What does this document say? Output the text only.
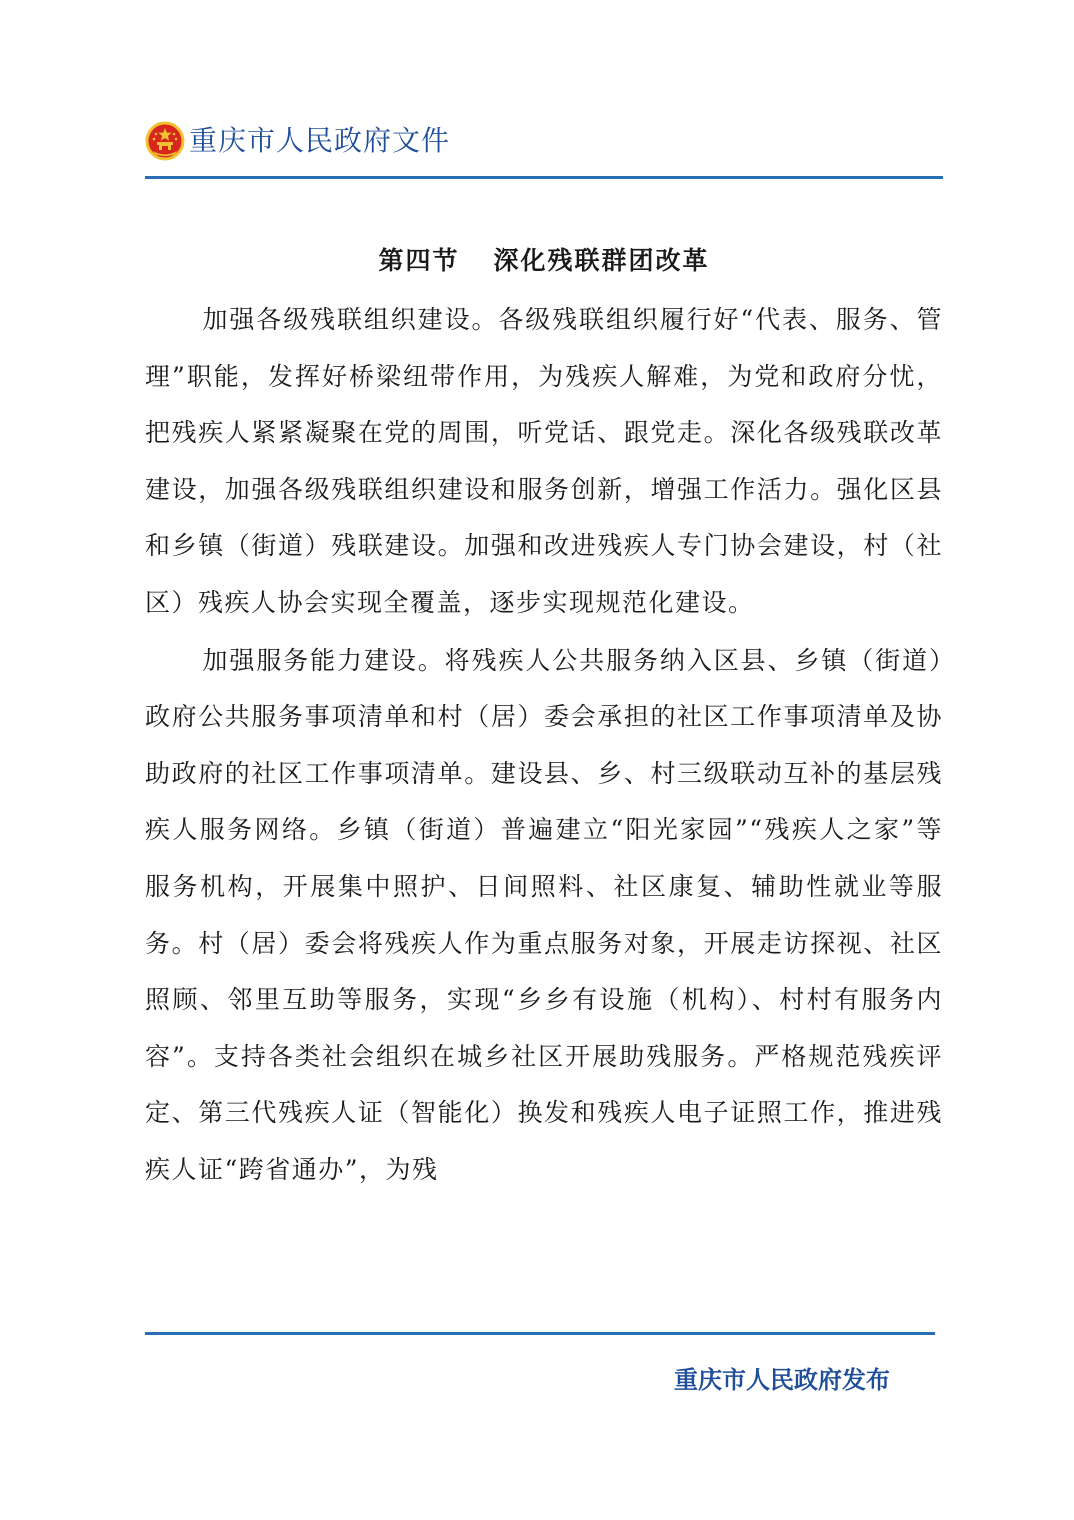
重庆市人民政府文件
第四节 深化残联群团改革

加强各级残联组织建设。各级残联组织履行好“代表、服务、管理”职能，发挥好桥梁纽带作用，为残疾人解难，为党和政府分忧，把残疾人紧紧凝聚在党的周围，听党话、跟党走。深化各级残联改革建设，加强各级残联组织建设和服务创新，增强工作活力。强化区县和乡镇（街道）残联建设。加强和改进残疾人专门协会建设，村（社区）残疾人协会实现全覆盖，逐步实现规范化建设。

加强服务能力建设。将残疾人公共服务纳入区县、乡镇（街道）政府公共服务事项清单和村（居）委会承担的社区工作事项清单及协助政府的社区工作事项清单。建设县、乡、村三级联动互补的基层残疾人服务网络。乡镇（街道）普遍建立“阳光家园”“残疾人之家”等服务机构，开展集中照护、日间照料、社区康复、辅助性就业等服务。村（居）委会将残疾人作为重点服务对象，开展走访探视、社区照顾、邻里互助等服务，实现“乡乡有设施（机构）、村村有服务内容”。支持各类社会组织在城乡社区开展助残服务。严格规范残疾评定、第三代残疾人证（智能化）换发和残疾人电子证照工作，推进残疾人证“跨省通办”，为残

重庆市人民政府发布
